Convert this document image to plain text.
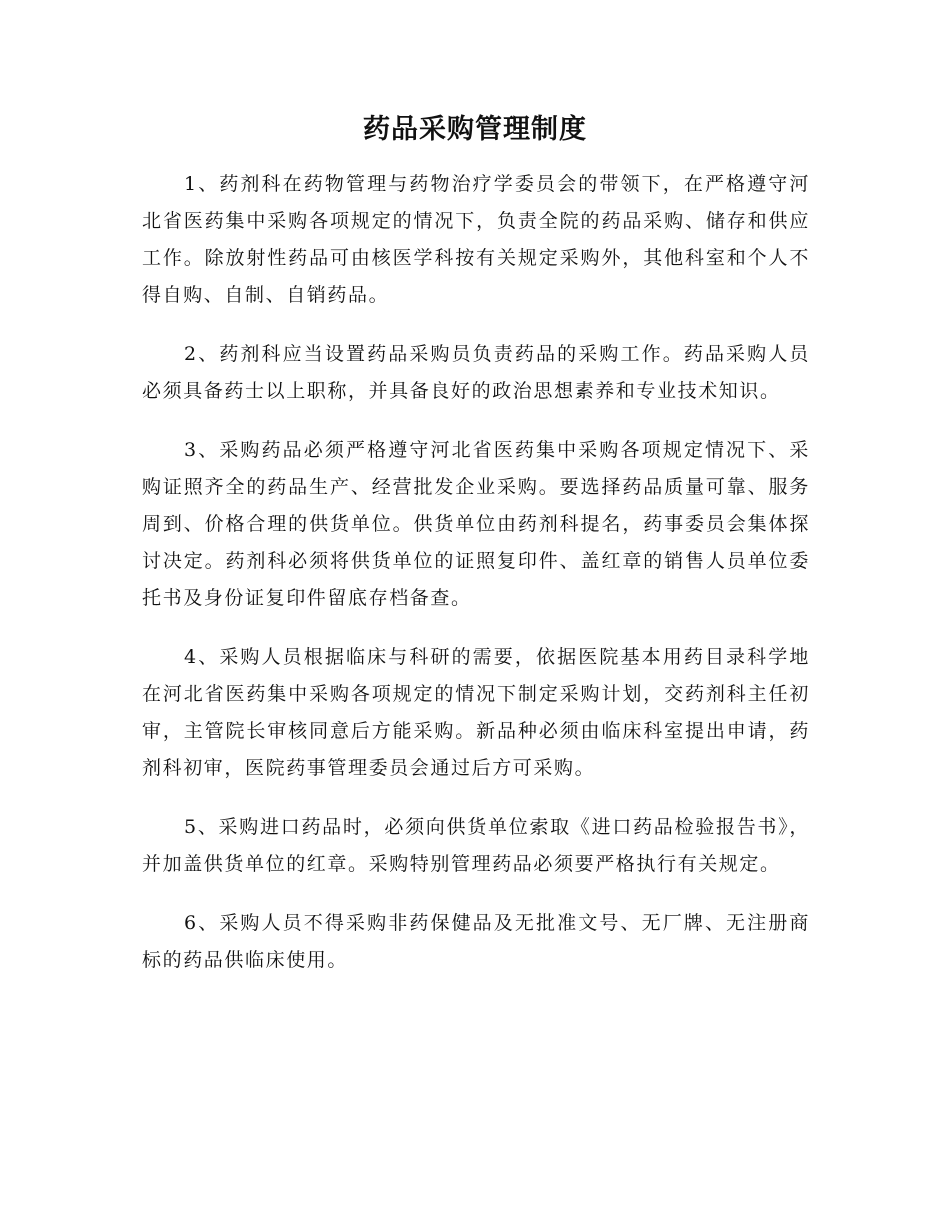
药品采购管理制度

1、药剂科在药物管理与药物治疗学委员会的带领下，在严格遵守河北省医药集中采购各项规定的情况下，负责全院的药品采购、储存和供应工作。除放射性药品可由核医学科按有关规定采购外，其他科室和个人不得自购、自制、自销药品。

2、药剂科应当设置药品采购员负责药品的采购工作。药品采购人员必须具备药士以上职称，并具备良好的政治思想素养和专业技术知识。

3、采购药品必须严格遵守河北省医药集中采购各项规定情况下、采购证照齐全的药品生产、经营批发企业采购。要选择药品质量可靠、服务周到、价格合理的供货单位。供货单位由药剂科提名，药事委员会集体探讨决定。药剂科必须将供货单位的证照复印件、盖红章的销售人员单位委托书及身份证复印件留底存档备查。

4、采购人员根据临床与科研的需要，依据医院基本用药目录科学地在河北省医药集中采购各项规定的情况下制定采购计划，交药剂科主任初审，主管院长审核同意后方能采购。新品种必须由临床科室提出申请，药剂科初审，医院药事管理委员会通过后方可采购。

5、采购进口药品时，必须向供货单位索取《进口药品检验报告书》，并加盖供货单位的红章。采购特别管理药品必须要严格执行有关规定。

6、采购人员不得采购非药保健品及无批准文号、无厂牌、无注册商标的药品供临床使用。
